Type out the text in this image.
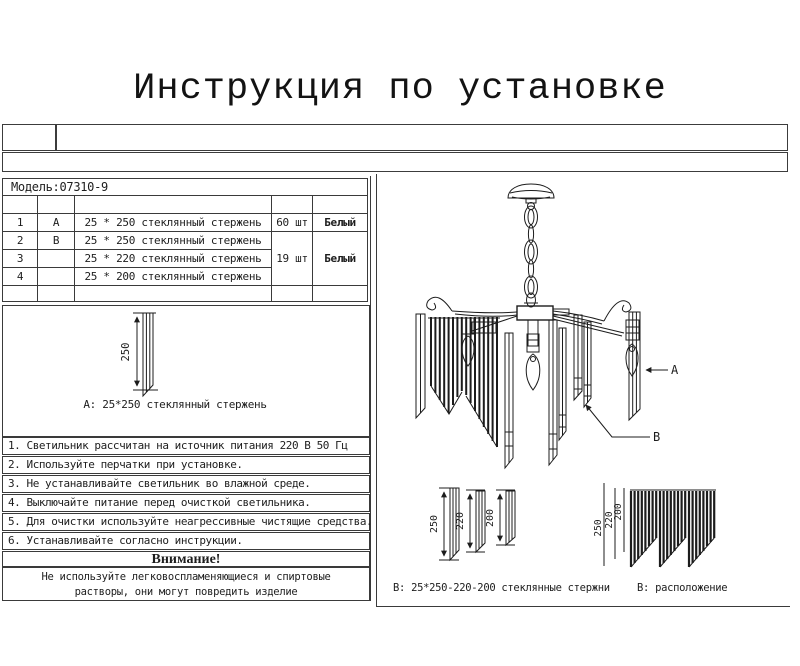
Инструкция по установке
Модель:07310-9				

1	A	25 * 250 стеклянный стержень	60 шт	Белый
2	B	25 * 250 стеклянный стержень	19 шт	Белый
3		25 * 220 стеклянный стержень		
4		25 * 200 стеклянный стержень		

250
A: 25*250 стеклянный стержень
1. Светильник рассчитан на источник питания 220 В 50 Гц
2. Используйте перчатки при установке.
3. Не устанавливайте светильник во влажной среде.
4. Выключайте питание перед очисткой светильника.
5. Для очистки используйте неагрессивные чистящие средства.
6. Устанавливайте согласно инструкции.
Внимание!
Не используйте легковоспламеняющиеся и спиртовые
растворы, они могут повредить изделие
A
B
250 220 200
B: 25*250-220-200 стеклянные стержни
250 220
200
B: расположение
